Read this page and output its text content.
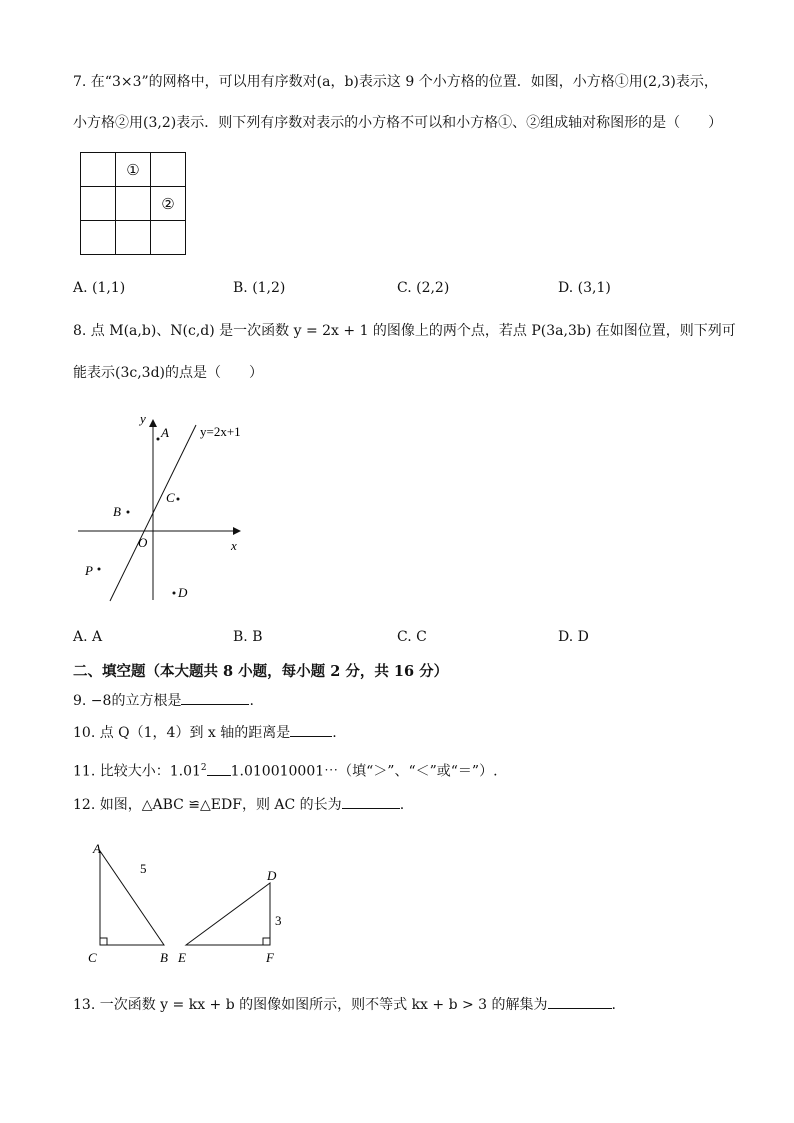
7. 在“3×3”的网格中，可以用有序数对(a，b)表示这 9 个小方格的位置．如图，小方格①用(2,3)表示，
小方格②用(3,2)表示．则下列有序数对表示的小方格不可以和小方格①、②组成轴对称图形的是（　　）
	①	
		②

A. (1,1)	B. (1,2)	C. (2,2)	D. (3,1)
8. 点 M(a,b)、N(c,d) 是一次函数 y = 2x + 1 的图像上的两个点，若点 P(3a,3b) 在如图位置，则下列可
能表示(3c,3d)的点是（　　）
y
x
O
y=2x+1
A
B
C
D
P
A. A	B. B	C. C	D. D
二、填空题（本大题共 8 小题，每小题 2 分，共 16 分）
9. −8的立方根是	.
10. 点 Q（1，4）到 x 轴的距离是	.
11. 比较大小：1.01$^2$ 1.010010001⋯（填“＞”、“＜”或“＝”）.
12. 如图，△ABC ≌△EDF，则 AC 的长为	.
A
C	B
5	D
E	F
3
13. 一次函数 y = kx + b 的图像如图所示，则不等式 kx + b > 3 的解集为	.
